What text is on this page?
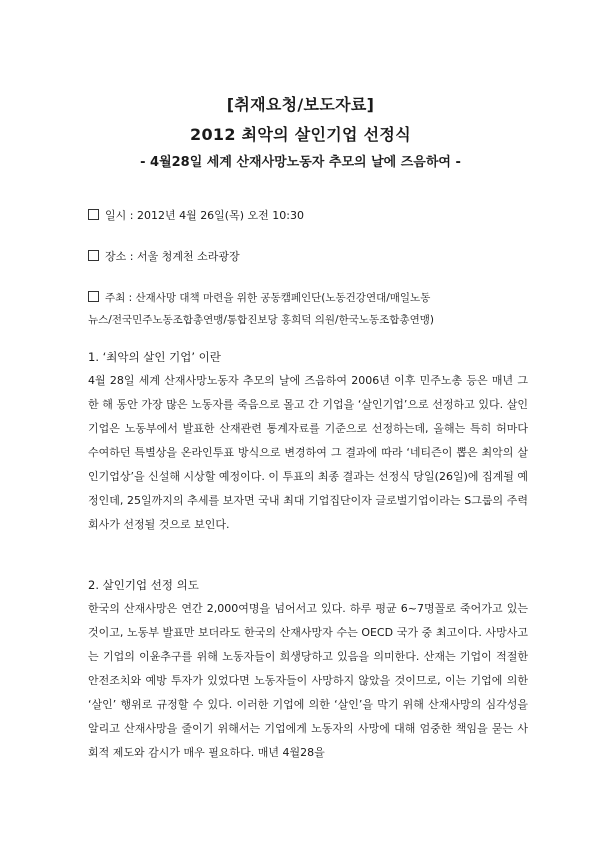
[취재요청/보도자료]
2012 최악의 살인기업 선정식
- 4월28일 세계 산재사망노동자 추모의 날에 즈음하여 -
일시 : 2012년 4월 26일(목) 오전 10:30
장소 : 서울 청계천 소라광장
주최 : 산재사망 대책 마련을 위한 공동캠페인단(노동건강연대/매일노동
뉴스/전국민주노동조합총연맹/통합진보당 홍희덕 의원/한국노동조합총연맹)
1. ‘최악의 살인 기업’ 이란
4월 28일 세계 산재사망노동자 추모의 날에 즈음하여 2006년 이후 민주노총 등은 매년 그 한 해 동안 가장 많은 노동자를 죽음으로 몰고 간 기업을 ‘살인기업’으로 선정하고 있다. 살인기업은 노동부에서 발표한 산재관련 통계자료를 기준으로 선정하는데, 올해는 특히 허마다 수여하던 특별상을 온라인투표 방식으로 변경하여 그 결과에 따라 ‘네티즌이 뽑은 최악의 살인기업상’을 신설해 시상할 예정이다. 이 투표의 최종 결과는 선정식 당일(26일)에 집계될 예정인데, 25일까지의 추세를 보자면 국내 최대 기업집단이자 글로벌기업이라는 S그룹의 주력회사가 선정될 것으로 보인다.
2. 살인기업 선정 의도
한국의 산재사망은 연간 2,000여명을 넘어서고 있다. 하루 평균 6~7명꼴로 죽어가고 있는 것이고, 노동부 발표만 보더라도 한국의 산재사망자 수는 OECD 국가 중 최고이다. 사망사고는 기업의 이윤추구를 위해 노동자들이 희생당하고 있음을 의미한다. 산재는 기업이 적절한 안전조치와 예방 투자가 있었다면 노동자들이 사망하지 않았을 것이므로, 이는 기업에 의한 ‘살인’ 행위로 규정할 수 있다. 이러한 기업에 의한 ‘살인’을 막기 위해 산재사망의 심각성을 알리고 산재사망을 줄이기 위해서는 기업에게 노동자의 사망에 대해 엄중한 책임을 묻는 사회적 제도와 감시가 매우 필요하다. 매년 4월28을
